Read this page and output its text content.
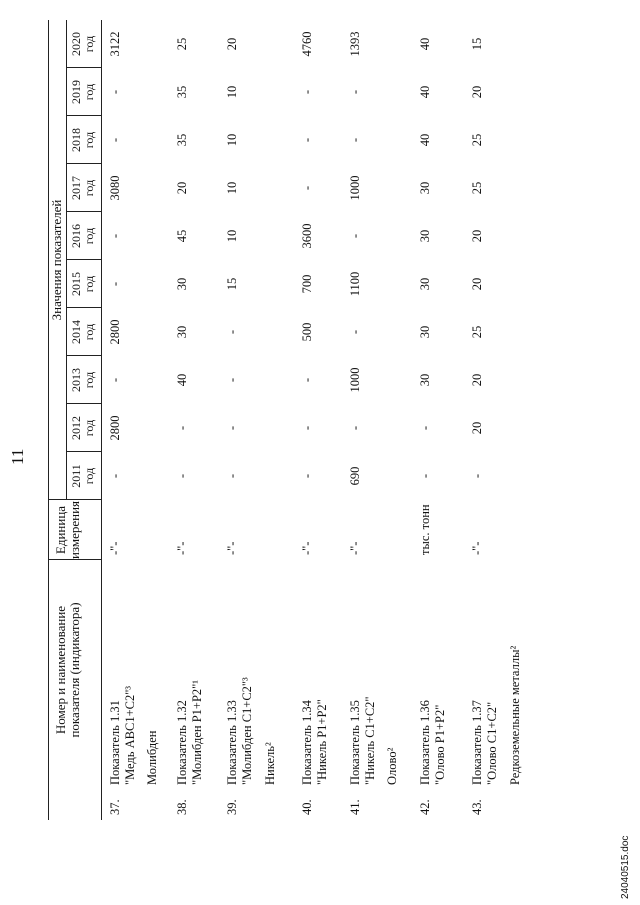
11
Номер и наименование показателя (индикатора)
Единица измерения
Значения показателей
2011 год
2012 год
2013 год
2014 год
2015 год
2016 год
2017 год
2018 год
2019 год
2020 год
37.
Показатель 1.31 "Медь ABC1+C2"³
-"-
-
2800
-
2800
-
-
3080
-
-
3122
Молибден
38.
Показатель 1.32 "Молибден P1+P2"¹
-"-
-
-
40
30
30
45
20
35
35
25
39.
Показатель 1.33 "Молибден C1+C2"³
-"-
-
-
-
-
15
10
10
10
10
20
Никель²
40.
Показатель 1.34 "Никель P1+P2"
-"-
-
-
-
500
700
3600
-
-
-
4760
41.
Показатель 1.35 "Никель C1+C2"
-"-
690
-
1000
-
1100
-
1000
-
-
1393
Олово²
42.
Показатель 1.36 "Олово P1+P2"
тыс. тонн
-
-
30
30
30
30
30
40
40
40
43.
Показатель 1.37 "Олово C1+C2"
-"-
-
20
20
25
20
20
25
25
20
15
Редкоземельные металлы²
24040515.doc
